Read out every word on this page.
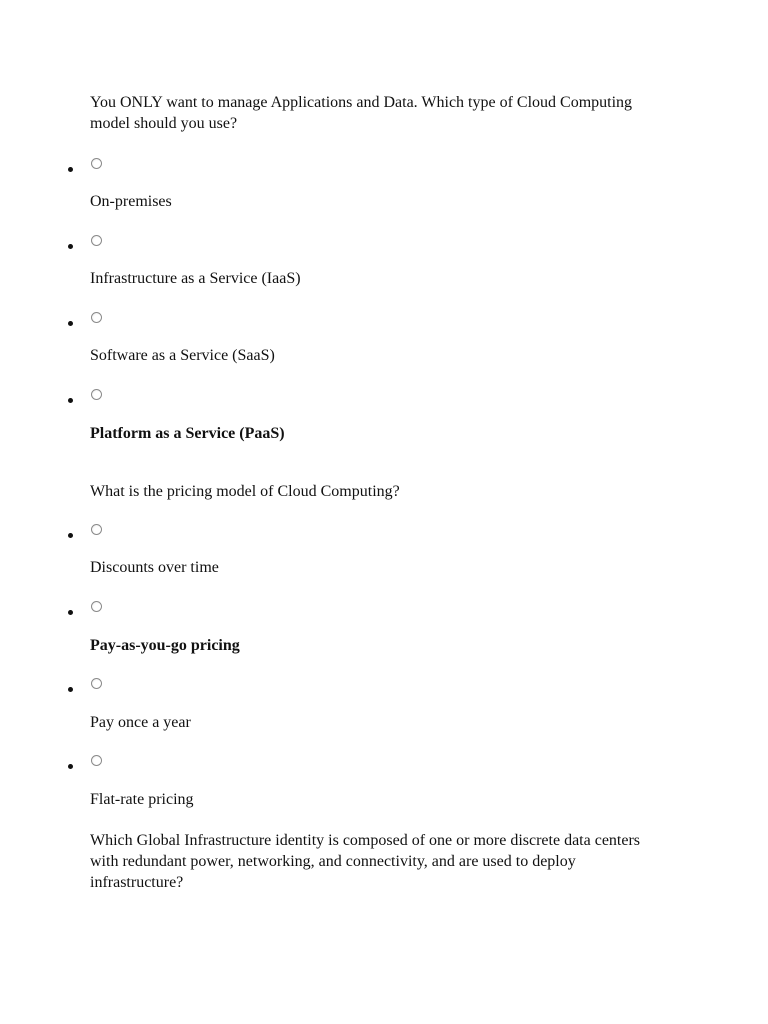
You ONLY want to manage Applications and Data. Which type of Cloud Computing model should you use?

On-premises

Infrastructure as a Service (IaaS)

Software as a Service (SaaS)

Platform as a Service (PaaS)

What is the pricing model of Cloud Computing?

Discounts over time

Pay-as-you-go pricing

Pay once a year

Flat-rate pricing

Which Global Infrastructure identity is composed of one or more discrete data centers with redundant power, networking, and connectivity, and are used to deploy infrastructure?
